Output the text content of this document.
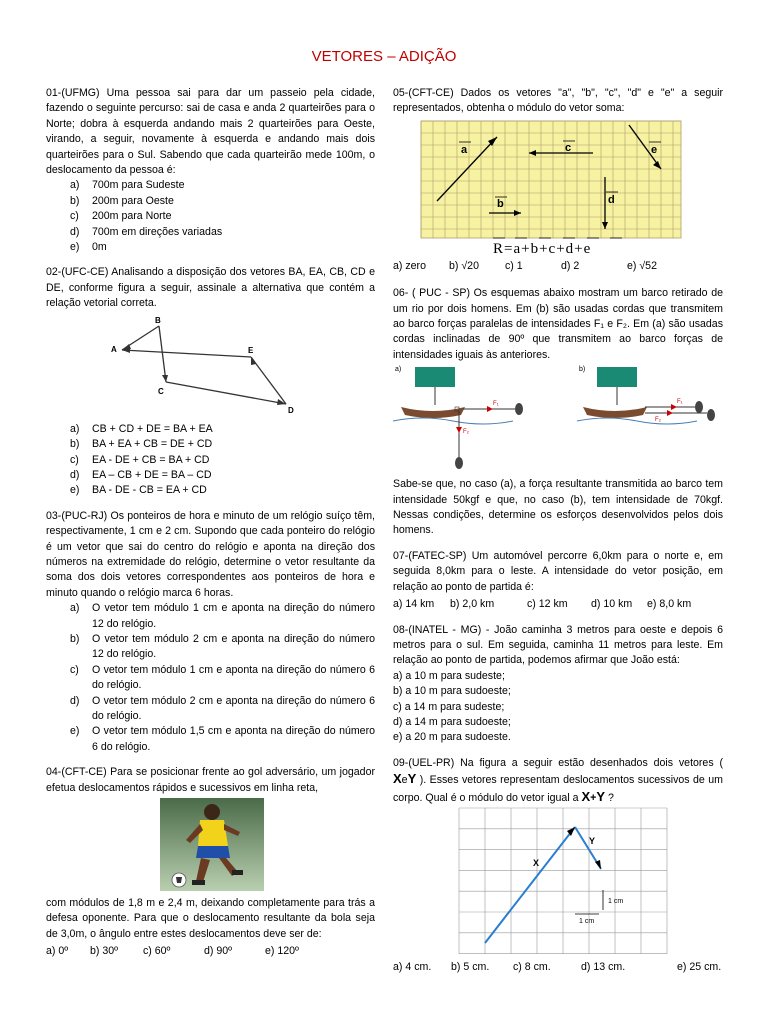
VETORES – ADIÇÃO

01-(UFMG) Uma pessoa sai para dar um passeio pela cidade, fazendo o seguinte percurso: sai de casa e anda 2 quarteirões para o Norte; dobra à esquerda andando mais 2 quarteirões para Oeste, virando, a seguir, novamente à esquerda e andando mais dois quarteirões para o Sul. Sabendo que cada quarteirão mede 100m, o deslocamento da pessoa é:

a)	700m para Sudeste
b)	200m para Oeste
c)	200m para Norte
d)	700m em direções variadas
e)	0m

02-(UFC-CE) Analisando a disposição dos vetores BA, EA, CB, CD e DE, conforme figura a seguir, assinale a alternativa que contém a relação vetorial correta.

B
A
C
E
D
a)	CB + CD + DE = BA + EA
b)	BA + EA + CB = DE + CD
c)	EA - DE + CB = BA + CD
d)	EA – CB + DE = BA – CD
e)	BA - DE - CB = EA + CD

03-(PUC-RJ) Os ponteiros de hora e minuto de um relógio suíço têm, respectivamente, 1 cm e 2 cm. Supondo que cada ponteiro do relógio é um vetor que sai do centro do relógio e aponta na direção dos números na extremidade do relógio, determine o vetor resultante da soma dos dois vetores correspondentes aos ponteiros de hora e minuto quando o relógio marca 6 horas.

a)	O vetor tem módulo 1 cm e aponta na direção do número 12 do relógio.
b)	O vetor tem módulo 2 cm e aponta na direção do número 12 do relógio.
c)	O vetor tem módulo 1 cm e aponta na direção do número 6 do relógio.
d)	O vetor tem módulo 2 cm e aponta na direção do número 6 do relógio.
e)	O vetor tem módulo 1,5 cm e aponta na direção do número 6 do relógio.

04-(CFT-CE) Para se posicionar frente ao gol adversário, um jogador efetua deslocamentos rápidos e sucessivos em linha reta,

com módulos de 1,8 m e 2,4 m, deixando completamente para trás a defesa oponente. Para que o deslocamento resultante da bola seja de 3,0m, o ângulo entre estes deslocamentos deve ser de:

a) 0º	b) 30º	c) 60º	d) 90º	e) 120º

05-(CFT-CE) Dados os vetores "a", "b", "c", "d" e "e" a seguir representados, obtenha o módulo do vetor soma:

a
b
c
d
e
R=a+b+c+d+e
a) zero	b) √20	c) 1	d) 2	e) √52

06- ( PUC - SP) Os esquemas abaixo mostram um barco retirado de um rio por dois homens. Em (b) são usadas cordas que transmitem ao barco forças paralelas de intensidades F₁ e F₂. Em (a) são usadas cordas inclinadas de 90º que transmitem ao barco forças de intensidades iguais às anteriores.

a)
F₁
F₂
b)
F₁
F₂

Sabe-se que, no caso (a), a força resultante transmitida ao barco tem intensidade 50kgf e que, no caso (b), tem intensidade de 70kgf. Nessas condições, determine os esforços desenvolvidos pelos dois homens.

07-(FATEC-SP) Um automóvel percorre 6,0km para o norte e, em seguida 8,0km para o leste. A intensidade do vetor posição, em relação ao ponto de partida é:

a) 14 km	b) 2,0 km	c) 12 km	d) 10 km	e) 8,0 km

08-(INATEL - MG) - João caminha 3 metros para oeste e depois 6 metros para o sul. Em seguida, caminha 11 metros para leste. Em relação ao ponto de partida, podemos afirmar que João está:

a) a 10 m para sudeste;

b) a 10 m para sudoeste;

c) a 14 m para sudeste;

d) a 14 m para sudoeste;

e) a 20 m para sudoeste.

09-(UEL-PR) Na figura a seguir estão desenhados dois vetores ( XeY ). Esses vetores representam deslocamentos sucessivos de um corpo. Qual é o módulo do vetor igual a X+Y ?

X
Y
1 cm
1 cm
a) 4 cm.	b) 5 cm.	c) 8 cm.	d) 13 cm.	e) 25 cm.
